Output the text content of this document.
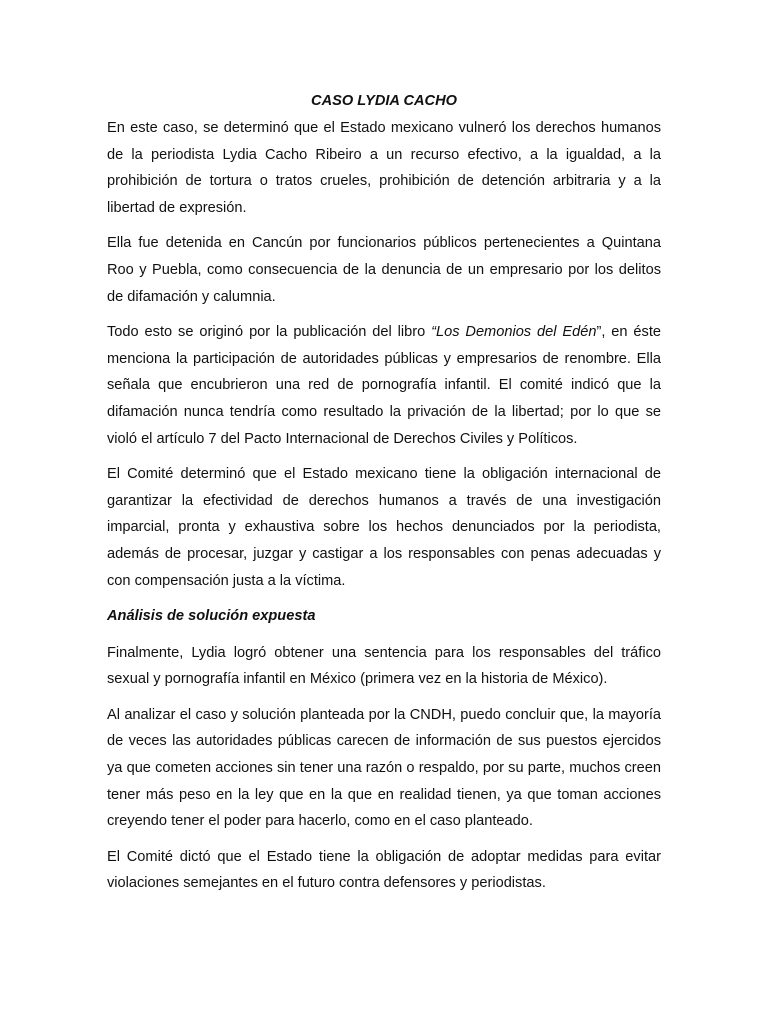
CASO LYDIA CACHO

En este caso, se determinó que el Estado mexicano vulneró los derechos humanos de la periodista Lydia Cacho Ribeiro a un recurso efectivo, a la igualdad, a la prohibición de tortura o tratos crueles, prohibición de detención arbitraria y a la libertad de expresión.

Ella fue detenida en Cancún por funcionarios públicos pertenecientes a Quintana Roo y Puebla, como consecuencia de la denuncia de un empresario por los delitos de difamación y calumnia.

Todo esto se originó por la publicación del libro “Los Demonios del Edén”, en éste menciona la participación de autoridades públicas y empresarios de renombre. Ella señala que encubrieron una red de pornografía infantil. El comité indicó que la difamación nunca tendría como resultado la privación de la libertad; por lo que se violó el artículo 7 del Pacto Internacional de Derechos Civiles y Políticos.

El Comité determinó que el Estado mexicano tiene la obligación internacional de garantizar la efectividad de derechos humanos a través de una investigación imparcial, pronta y exhaustiva sobre los hechos denunciados por la periodista, además de procesar, juzgar y castigar a los responsables con penas adecuadas y con compensación justa a la víctima.

Análisis de solución expuesta

Finalmente, Lydia logró obtener una sentencia para los responsables del tráfico sexual y pornografía infantil en México (primera vez en la historia de México).

Al analizar el caso y solución planteada por la CNDH, puedo concluir que, la mayoría de veces las autoridades públicas carecen de información de sus puestos ejercidos ya que cometen acciones sin tener una razón o respaldo, por su parte, muchos creen tener más peso en la ley que en la que en realidad tienen, ya que toman acciones creyendo tener el poder para hacerlo, como en el caso planteado.

El Comité dictó que el Estado tiene la obligación de adoptar medidas para evitar violaciones semejantes en el futuro contra defensores y periodistas.
